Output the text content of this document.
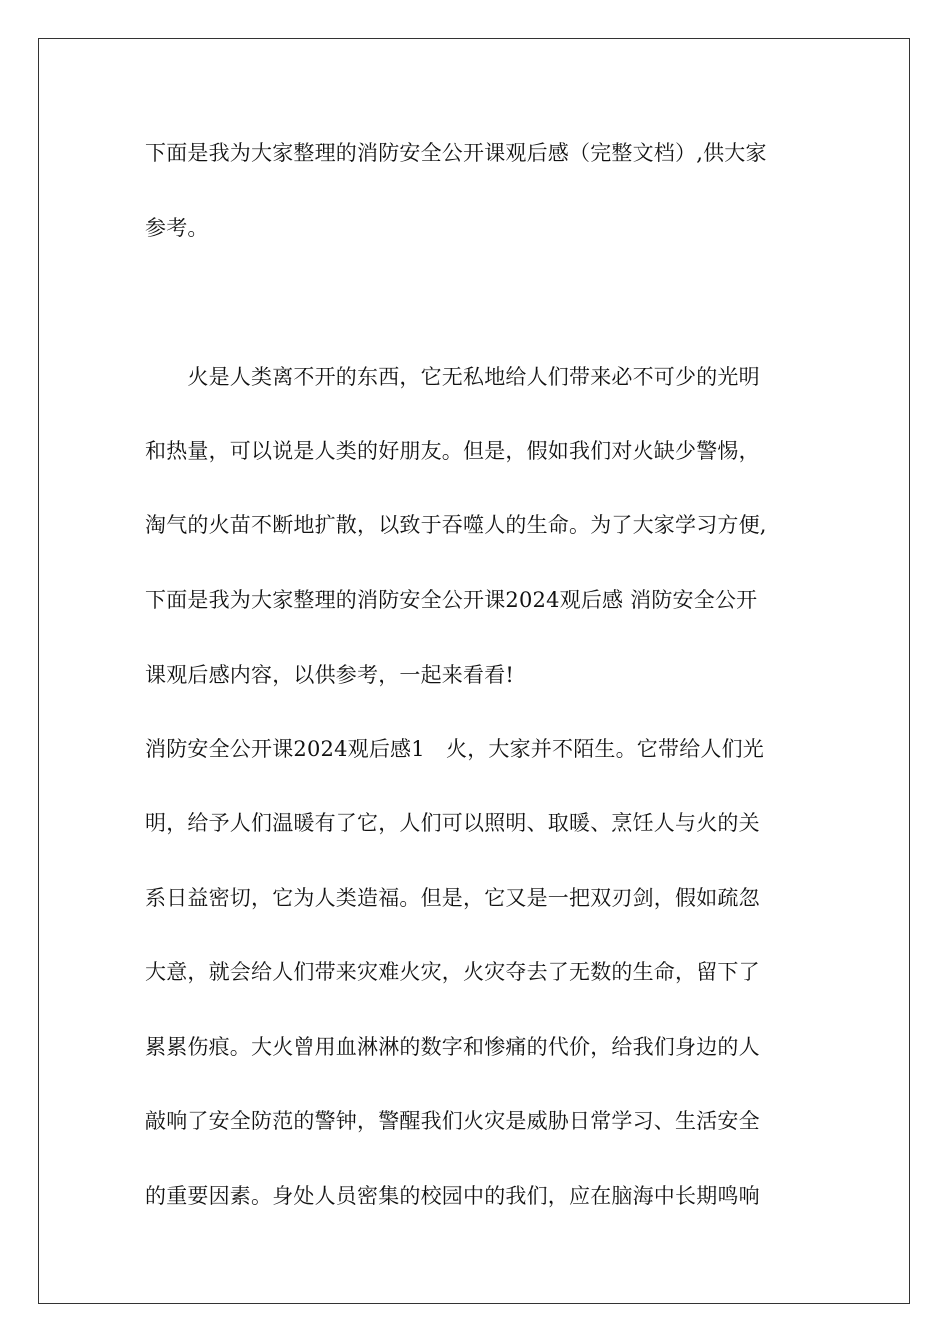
下面是我为大家整理的消防安全公开课观后感（完整文档）,供大家
参考。
　　火是人类离不开的东西，它无私地给人们带来必不可少的光明
和热量，可以说是人类的好朋友。但是，假如我们对火缺少警惕，
淘气的火苗不断地扩散，以致于吞噬人的生命。为了大家学习方便,
下面是我为大家整理的消防安全公开课2024观后感 消防安全公开
课观后感内容，以供参考，一起来看看!
消防安全公开课2024观后感1　火，大家并不陌生。它带给人们光
明，给予人们温暖有了它，人们可以照明、取暖、烹饪人与火的关
系日益密切，它为人类造福。但是，它又是一把双刃剑，假如疏忽
大意，就会给人们带来灾难火灾，火灾夺去了无数的生命，留下了
累累伤痕。大火曾用血淋淋的数字和惨痛的代价，给我们身边的人
敲响了安全防范的警钟，警醒我们火灾是威胁日常学习、生活安全
的重要因素。身处人员密集的校园中的我们，应在脑海中长期鸣响
